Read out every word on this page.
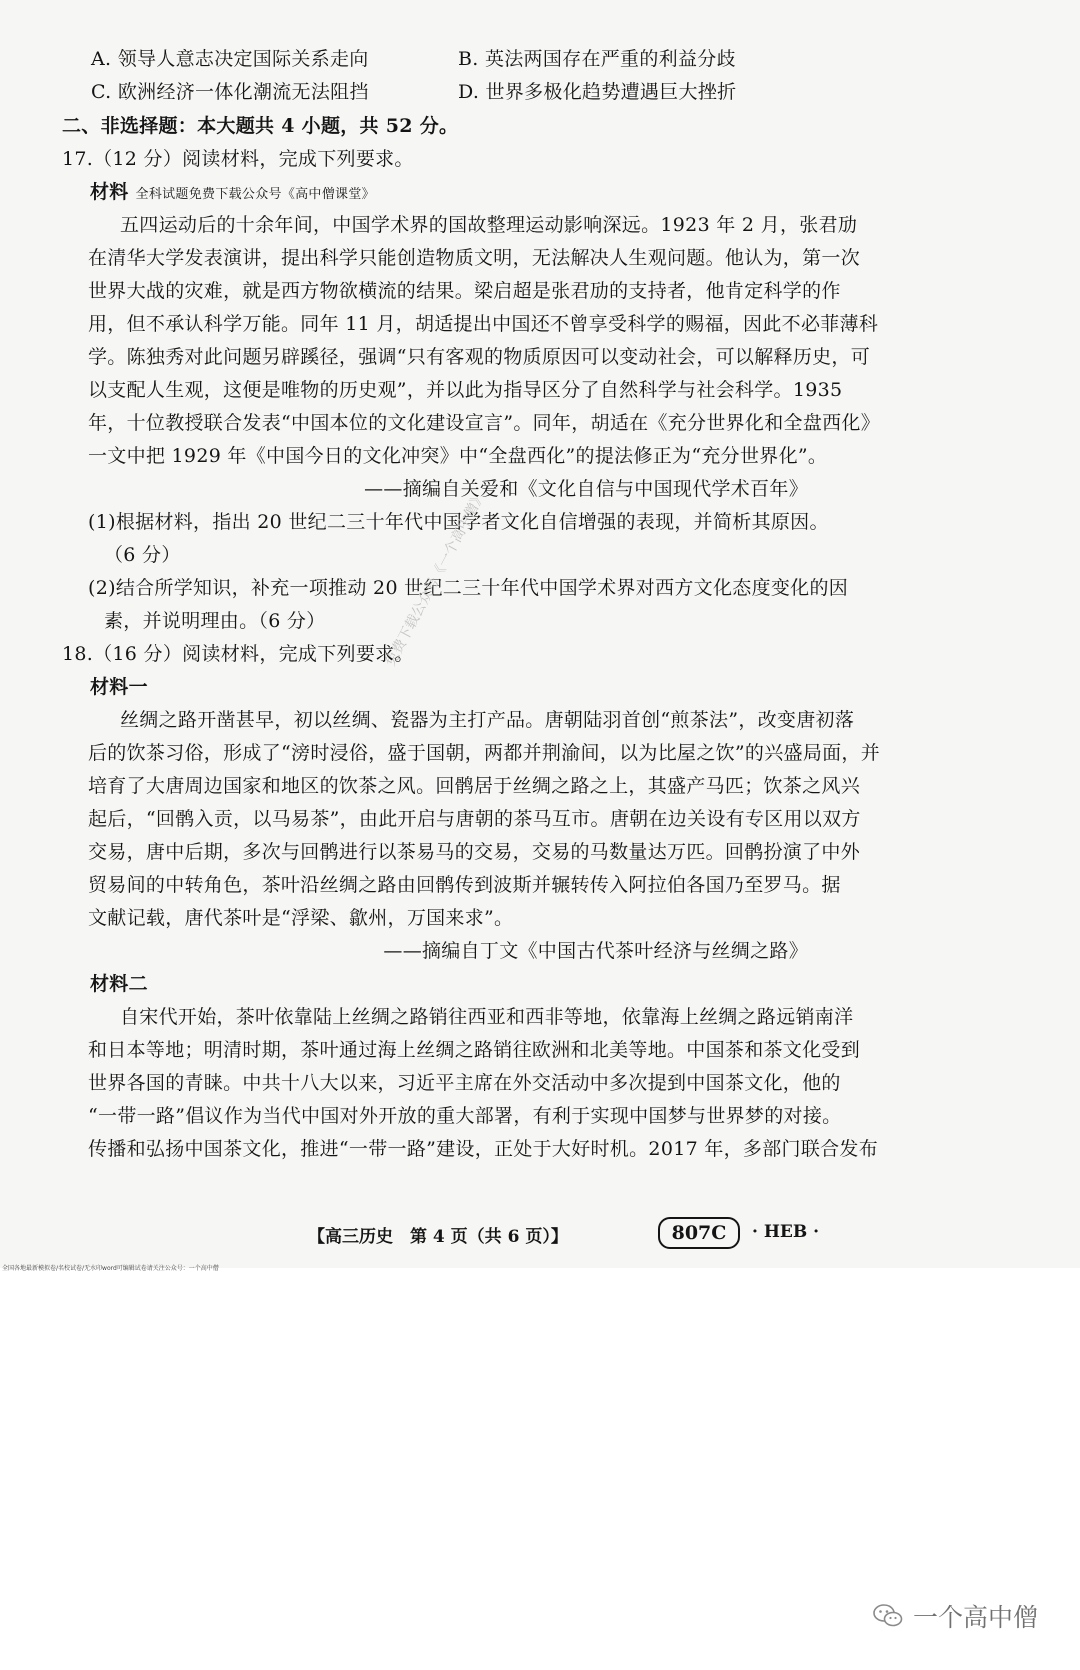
A. 领导人意志决定国际关系走向	B. 英法两国存在严重的利益分歧
C. 欧洲经济一体化潮流无法阻挡	D. 世界多极化趋势遭遇巨大挫折
二、非选择题：本大题共 4 小题，共 52 分。
17.（12 分）阅读材料，完成下列要求。
材料 全科试题免费下载公众号《高中僧课堂》
五四运动后的十余年间，中国学术界的国故整理运动影响深远。1923 年 2 月，张君劢
在清华大学发表演讲，提出科学只能创造物质文明，无法解决人生观问题。他认为，第一次
世界大战的灾难，就是西方物欲横流的结果。梁启超是张君劢的支持者，他肯定科学的作
用，但不承认科学万能。同年 11 月，胡适提出中国还不曾享受科学的赐福，因此不必菲薄科
学。陈独秀对此问题另辟蹊径，强调“只有客观的物质原因可以变动社会，可以解释历史，可
以支配人生观，这便是唯物的历史观”，并以此为指导区分了自然科学与社会科学。1935
年，十位教授联合发表“中国本位的文化建设宣言”。同年，胡适在《充分世界化和全盘西化》
一文中把 1929 年《中国今日的文化冲突》中“全盘西化”的提法修正为“充分世界化”。
——摘编自关爱和《文化自信与中国现代学术百年》
(1)根据材料，指出 20 世纪二三十年代中国学者文化自信增强的表现，并简析其原因。
（6 分）
(2)结合所学知识，补充一项推动 20 世纪二三十年代中国学术界对西方文化态度变化的因
素，并说明理由。（6 分）	免费下载公众号《一个高中僧》
18.（16 分）阅读材料，完成下列要求。
材料一
丝绸之路开凿甚早，初以丝绸、瓷器为主打产品。唐朝陆羽首创“煎茶法”，改变唐初落
后的饮茶习俗，形成了“滂时浸俗，盛于国朝，两都并荆渝间，以为比屋之饮”的兴盛局面，并
培育了大唐周边国家和地区的饮茶之风。回鹘居于丝绸之路之上，其盛产马匹；饮茶之风兴
起后，“回鹘入贡，以马易茶”，由此开启与唐朝的茶马互市。唐朝在边关设有专区用以双方
交易，唐中后期，多次与回鹘进行以茶易马的交易，交易的马数量达万匹。回鹘扮演了中外
贸易间的中转角色，茶叶沿丝绸之路由回鹘传到波斯并辗转传入阿拉伯各国乃至罗马。据
文献记载，唐代茶叶是“浮梁、歙州，万国来求”。
——摘编自丁文《中国古代茶叶经济与丝绸之路》
材料二
自宋代开始，茶叶依靠陆上丝绸之路销往西亚和西非等地，依靠海上丝绸之路远销南洋
和日本等地；明清时期，茶叶通过海上丝绸之路销往欧洲和北美等地。中国茶和茶文化受到
世界各国的青睐。中共十八大以来，习近平主席在外交活动中多次提到中国茶文化，他的
“一带一路”倡议作为当代中国对外开放的重大部署，有利于实现中国梦与世界梦的对接。
传播和弘扬中国茶文化，推进“一带一路”建设，正处于大好时机。2017 年，多部门联合发布
【高三历史　第 4 页（共 6 页）】	807C	· HEB ·
全国各地最新模拟卷/名校试卷/无水印word可编辑试卷请关注公众号：一个高中僧
一个高中僧
